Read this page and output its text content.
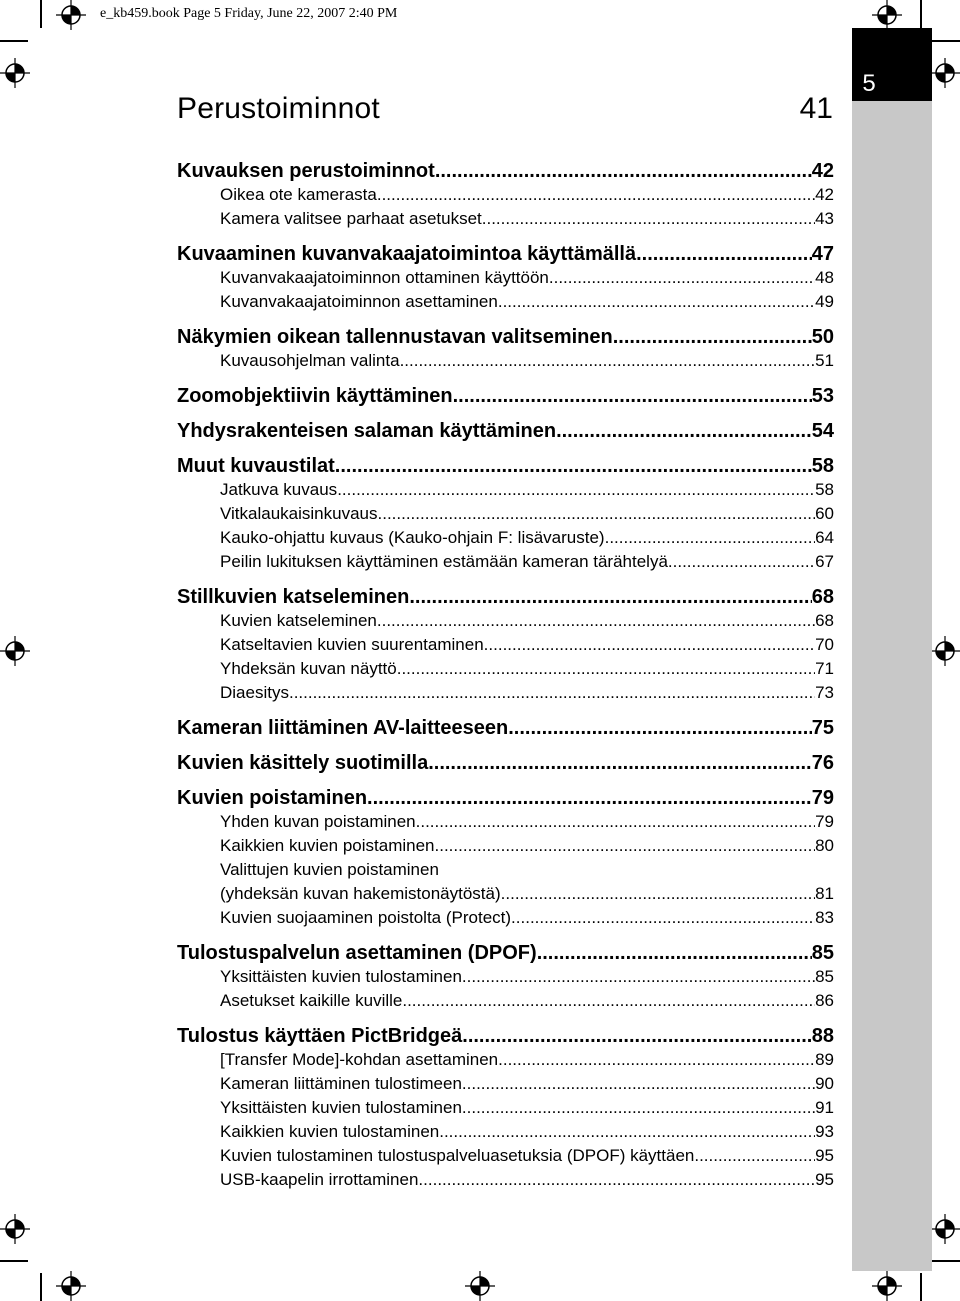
e_kb459.book Page 5 Friday, June 22, 2007 2:40 PM
5
Perustoiminnot	41
Kuvauksen perustoiminnot .....	42
Oikea ote kamerasta .....	42
Kamera valitsee parhaat asetukset .....	43
Kuvaaminen kuvanvakaajatoimintoa käyttämällä .....	47
Kuvanvakaajatoiminnon ottaminen käyttöön .....	48
Kuvanvakaajatoiminnon asettaminen .....	49
Näkymien oikean tallennustavan valitseminen .....	50
Kuvausohjelman valinta .....	51
Zoomobjektiivin käyttäminen .....	53
Yhdysrakenteisen salaman käyttäminen .....	54
Muut kuvaustilat .....	58
Jatkuva kuvaus .....	58
Vitkalaukaisinkuvaus .....	60
Kauko-ohjattu kuvaus (Kauko-ohjain F: lisävaruste) .....	64
Peilin lukituksen käyttäminen estämään kameran tärähtelyä .....	67
Stillkuvien katseleminen .....	68
Kuvien katseleminen .....	68
Katseltavien kuvien suurentaminen .....	70
Yhdeksän kuvan näyttö .....	71
Diaesitys .....	73
Kameran liittäminen AV-laitteeseen .....	75
Kuvien käsittely suotimilla .....	76
Kuvien poistaminen .....	79
Yhden kuvan poistaminen .....	79
Kaikkien kuvien poistaminen .....	80
Valittujen kuvien poistaminen
(yhdeksän kuvan hakemistonäytöstä) .....	81
Kuvien suojaaminen poistolta (Protect) .....	83
Tulostuspalvelun asettaminen (DPOF) .....	85
Yksittäisten kuvien tulostaminen .....	85
Asetukset kaikille kuville .....	86
Tulostus käyttäen PictBridgeä .....	88
[Transfer Mode]-kohdan asettaminen .....	89
Kameran liittäminen tulostimeen .....	90
Yksittäisten kuvien tulostaminen .....	91
Kaikkien kuvien tulostaminen .....	93
Kuvien tulostaminen tulostuspalveluasetuksia (DPOF) käyttäen .....	95
USB-kaapelin irrottaminen .....	95
